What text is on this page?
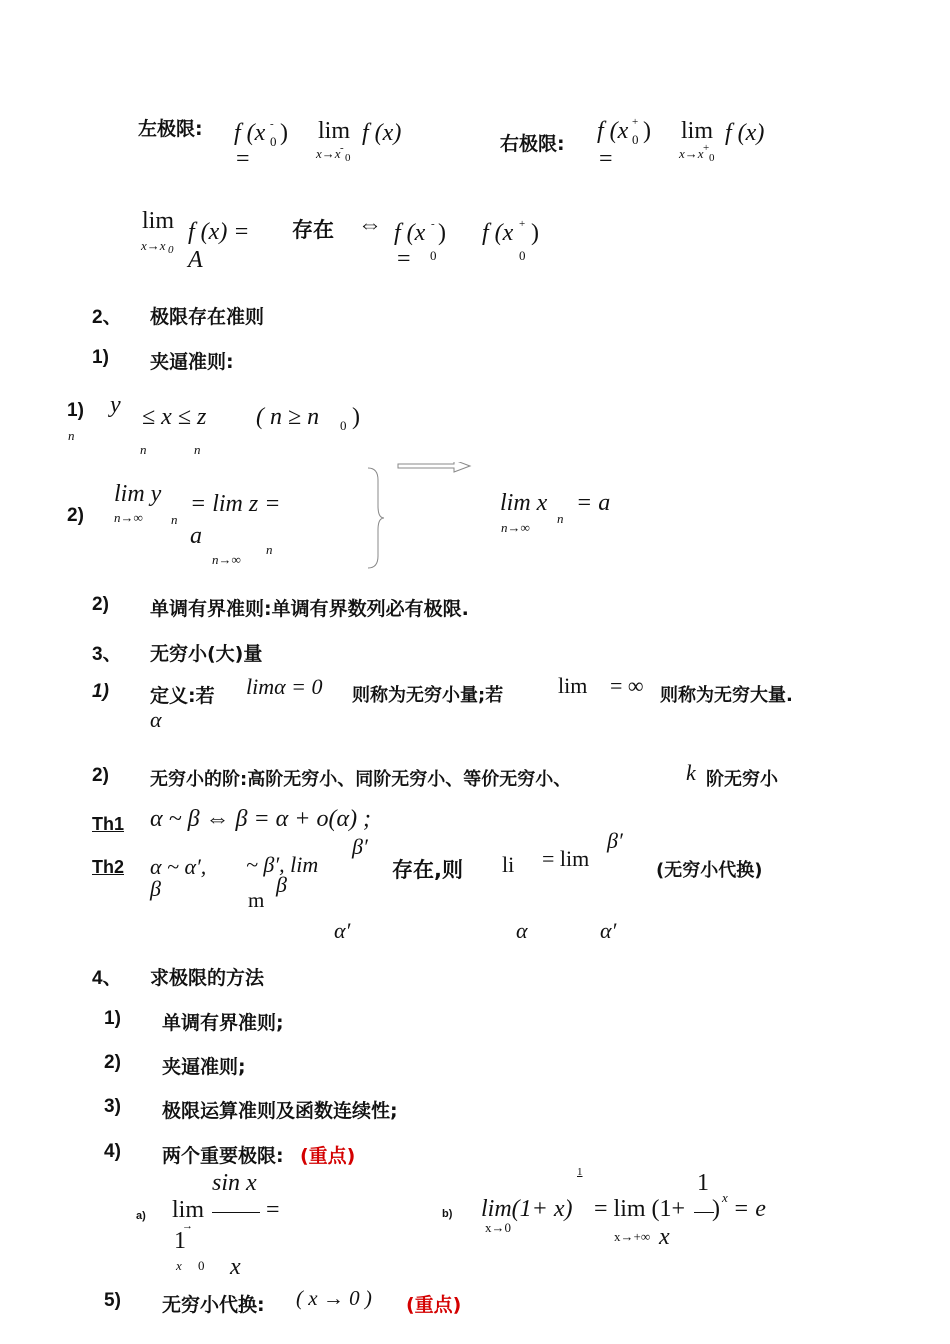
左极限: f (x 0
- )
=
lim
x→x -
0
f (x)	右极限: f (x 0
+ )
=
lim
x→x +
0
f (x)
lim
x→x 0
f (x) =
A
存在 ⇔ f (x - )
= 0
f (x + )
0
2、 极限存在准则
1) 夹逼准则:
1) y
n
≤ x ≤ z ( n ≥ n 0 )
n	n
2)
lim y
n→∞ n
= lim z =
a
n→∞
n
lim x
n→∞
n
= a
2) 单调有界准则:单调有界数列必有极限.
3、 无穷小(大)量
1) 定义:若 limα = 0 则称为无穷小量;若 lim = ∞ 则称为无穷大量.
α
2) 无穷小的阶:高阶无穷小、同阶无穷小、等价无穷小、	k 阶无穷小
Th1 α ~ β ⇔ β = α + o(α) ;
Th2 α ~ α′,
β
~ β′, lim
m
β
β′
存在,则 li = lim
β′
(无穷小代换)
α′	α	α′
4、 求极限的方法
1) 单调有界准则;
2) 夹逼准则;
3) 极限运算准则及函数连续性;
4) 两个重要极限: (重点)
a)
sin x
lim	=
→
1
x 0 x
b)
1
lim(1+ x)
x→0
= lim (1+
1
) x = e
x→+∞ x
5) 无穷小代换: ( x → 0 ) (重点)
